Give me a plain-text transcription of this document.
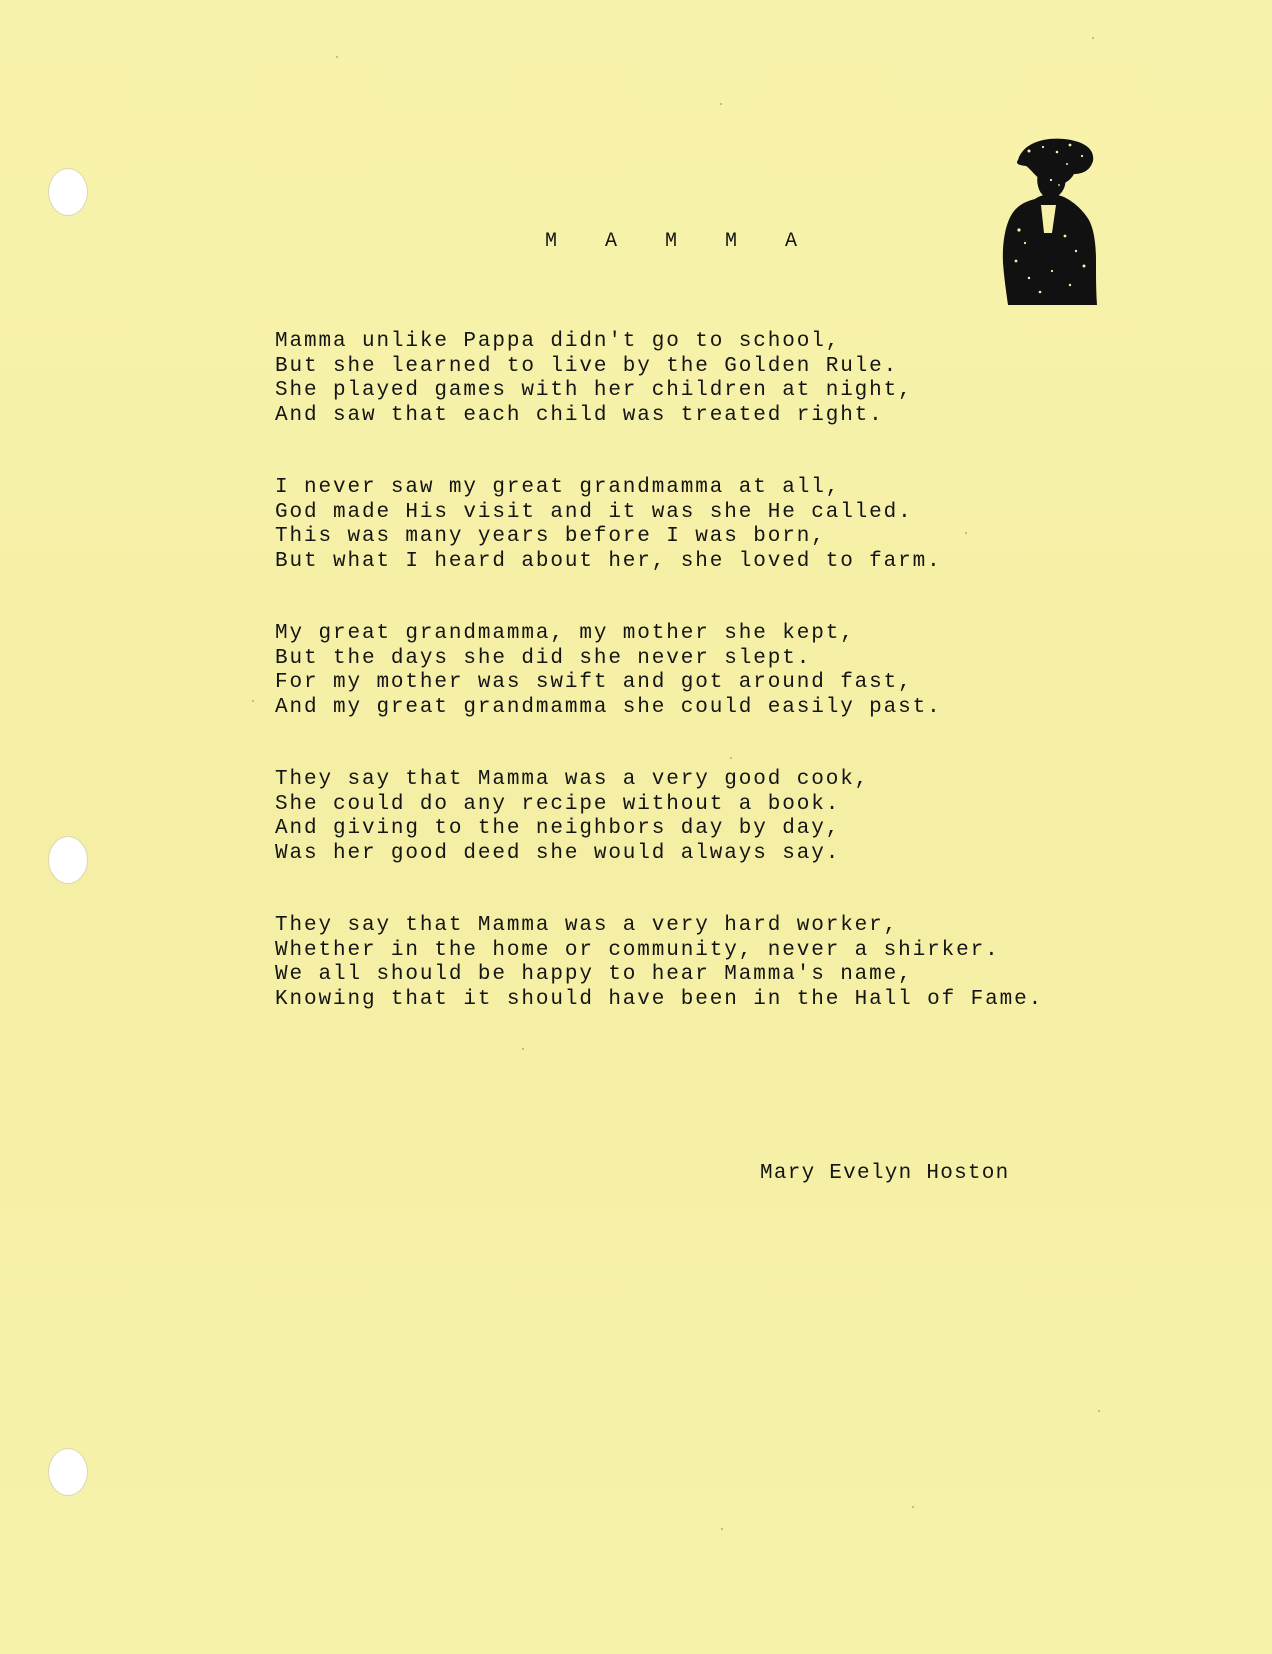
M A M M A
Mamma unlike Pappa didn't go to school,
But she learned to live by the Golden Rule.
She played games with her children at night,
And saw that each child was treated right.
I never saw my great grandmamma at all,
God made His visit and it was she He called.
This was many years before I was born,
But what I heard about her, she loved to farm.
My great grandmamma, my mother she kept,
But the days she did she never slept.
For my mother was swift and got around fast,
And my great grandmamma she could easily past.
They say that Mamma was a very good cook,
She could do any recipe without a book.
And giving to the neighbors day by day,
Was her good deed she would always say.
They say that Mamma was a very hard worker,
Whether in the home or community, never a shirker.
We all should be happy to hear Mamma's name,
Knowing that it should have been in the Hall of Fame.
Mary Evelyn Hoston
